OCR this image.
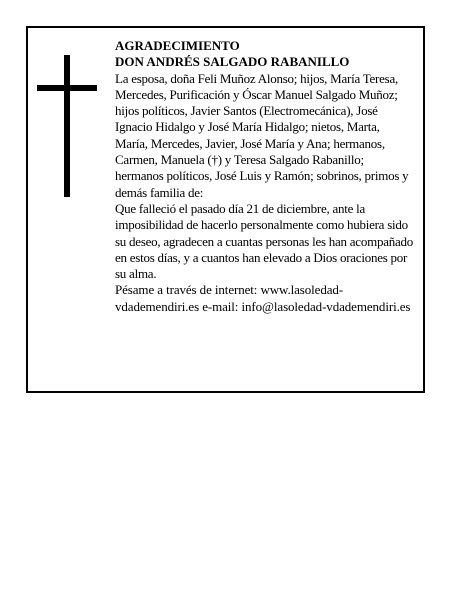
AGRADECIMIENTO

DON ANDRÉS SALGADO RABANILLO

La esposa, doña Feli Muñoz Alonso; hijos, María Teresa, Mercedes, Purificación y Óscar Manuel Salgado Muñoz; hijos políticos, Javier Santos (Electromecánica), José Ignacio Hidalgo y José María Hidalgo; nietos, Marta, María, Mercedes, Javier, José María y Ana; hermanos, Carmen, Manuela (†) y Teresa Salgado Rabanillo; hermanos políticos, José Luis y Ramón; sobrinos, primos y demás familia de:

Que falleció el pasado día 21 de diciembre, ante la imposibilidad de hacerlo personalmente como hubiera sido su deseo, agradecen a cuantas personas les han acompañado en estos días, y a cuantos han elevado a Dios oraciones por su alma.

Pésame a través de internet: www.lasoledad-vdademendiri.es e-mail: info@lasoledad-vdademendiri.es
